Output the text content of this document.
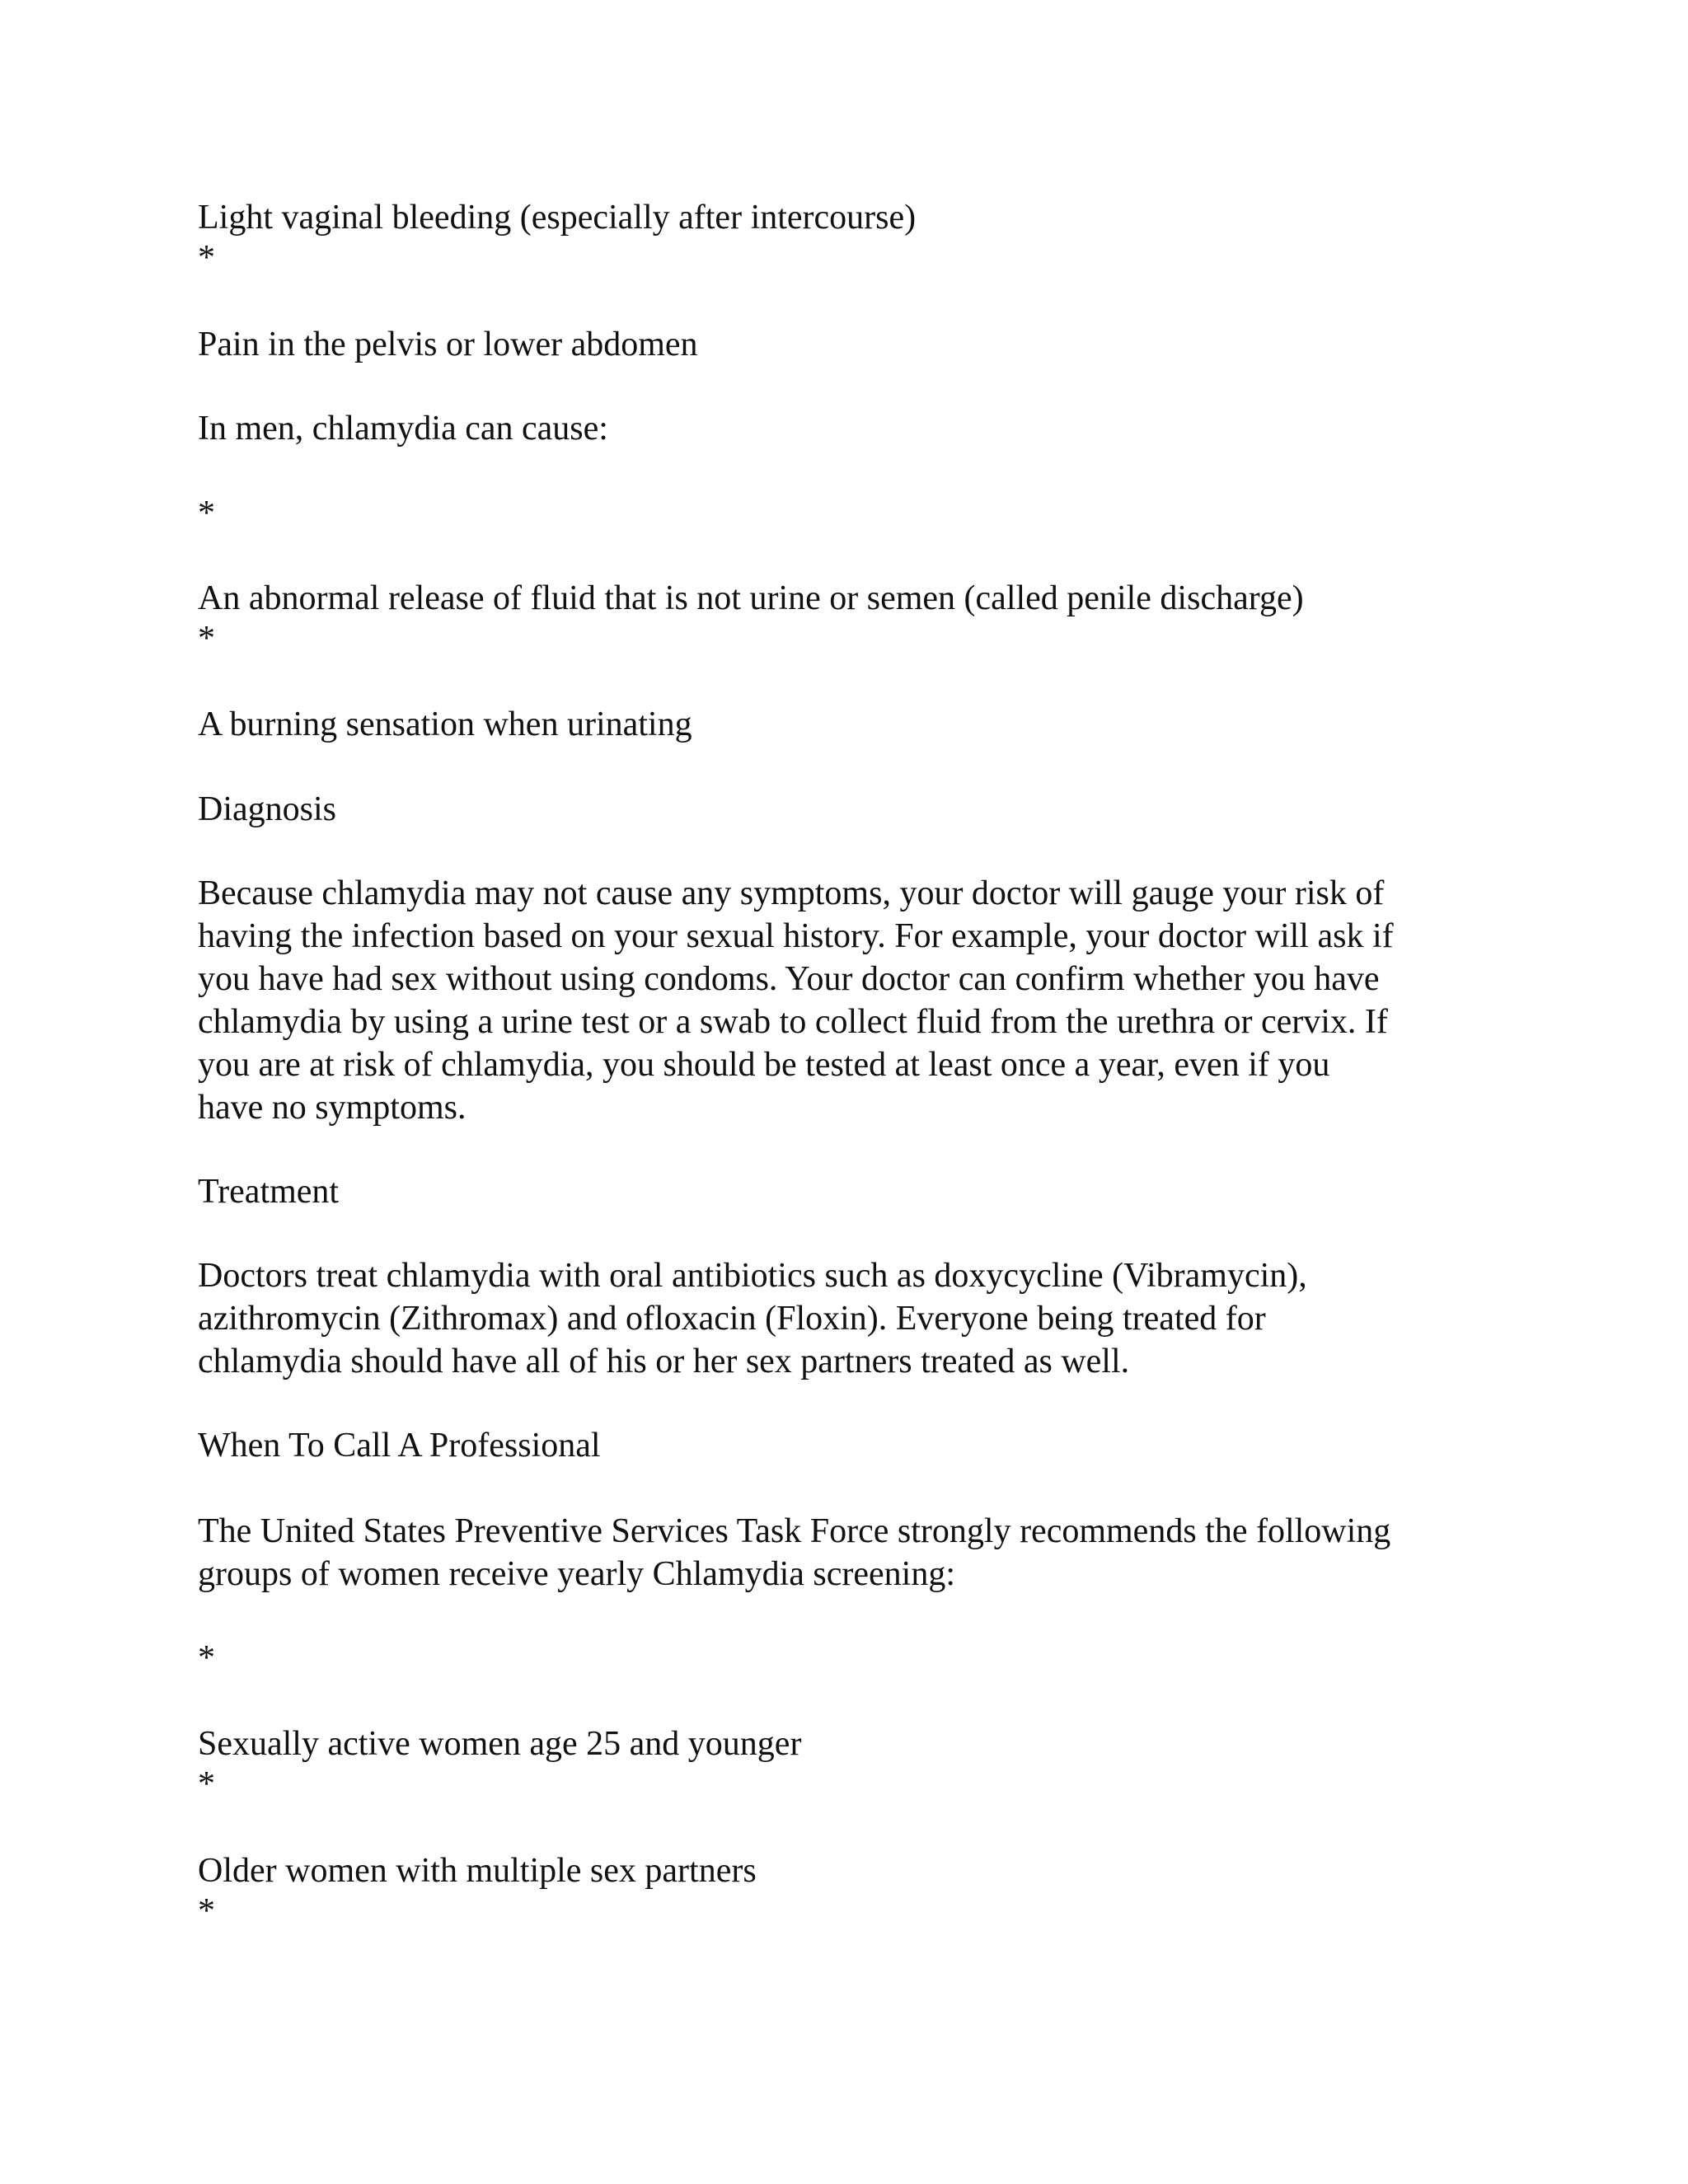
Light vaginal bleeding (especially after intercourse)

*

Pain in the pelvis or lower abdomen

In men, chlamydia can cause:

*

An abnormal release of fluid that is not urine or semen (called penile discharge)

*

A burning sensation when urinating

Diagnosis

Because chlamydia may not cause any symptoms, your doctor will gauge your risk of
having the infection based on your sexual history. For example, your doctor will ask if
you have had sex without using condoms. Your doctor can confirm whether you have
chlamydia by using a urine test or a swab to collect fluid from the urethra or cervix. If
you are at risk of chlamydia, you should be tested at least once a year, even if you
have no symptoms.

Treatment

Doctors treat chlamydia with oral antibiotics such as doxycycline (Vibramycin),
azithromycin (Zithromax) and ofloxacin (Floxin). Everyone being treated for
chlamydia should have all of his or her sex partners treated as well.

When To Call A Professional

The United States Preventive Services Task Force strongly recommends the following
groups of women receive yearly Chlamydia screening:

*

Sexually active women age 25 and younger

*

Older women with multiple sex partners

*
